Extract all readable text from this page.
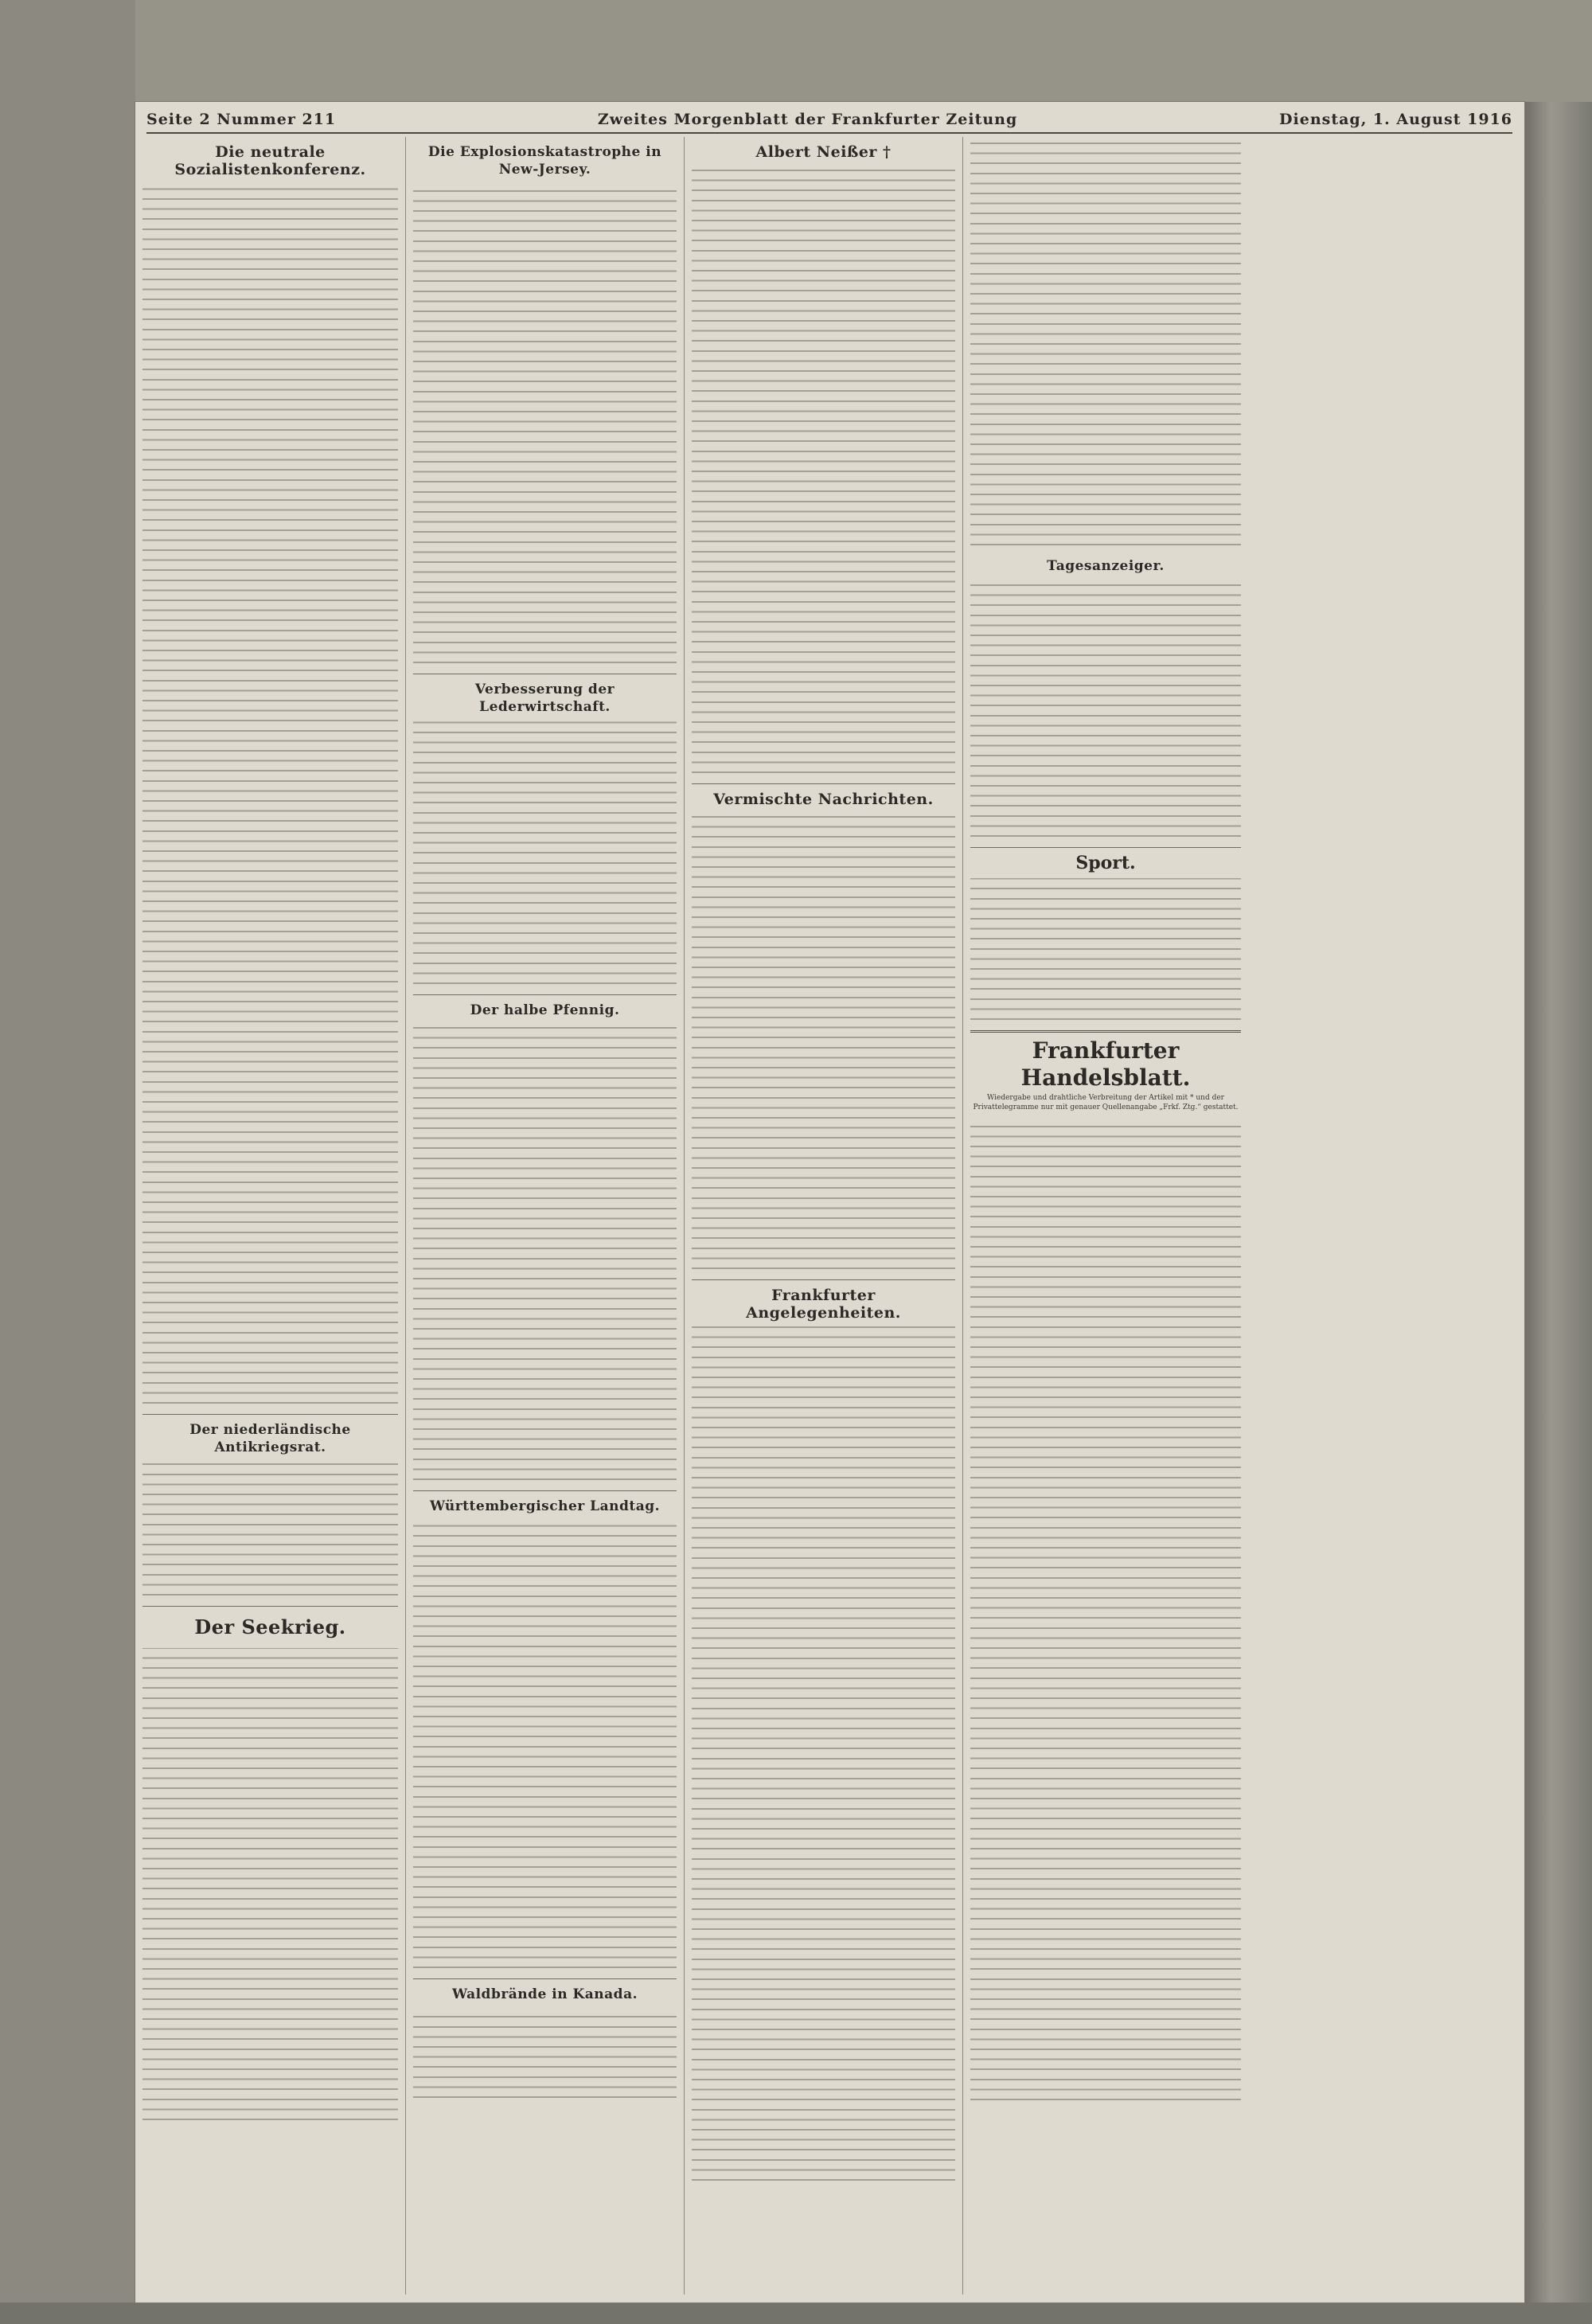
Seite 2 Nummer 211	Zweites Morgenblatt der Frankfurter Zeitung	Dienstag, 1. August 1916
Die neutrale Sozialistenkonferenz.
Der niederländische Antikriegsrat.
Der Seekrieg.
Die Explosionskatastrophe in New-Jersey.
Verbesserung der Lederwirtschaft.
Der halbe Pfennig.
Württembergischer Landtag.
Waldbrände in Kanada.
Albert Neißer †
Vermischte Nachrichten.
Frankfurter Angelegenheiten.
Tagesanzeiger.
Sport.
Frankfurter Handelsblatt.
Wiedergabe und drahtliche Verbreitung der Artikel mit * und der Privattelegramme nur mit genauer Quellenangabe „Frkf. Ztg.“ gestattet.
